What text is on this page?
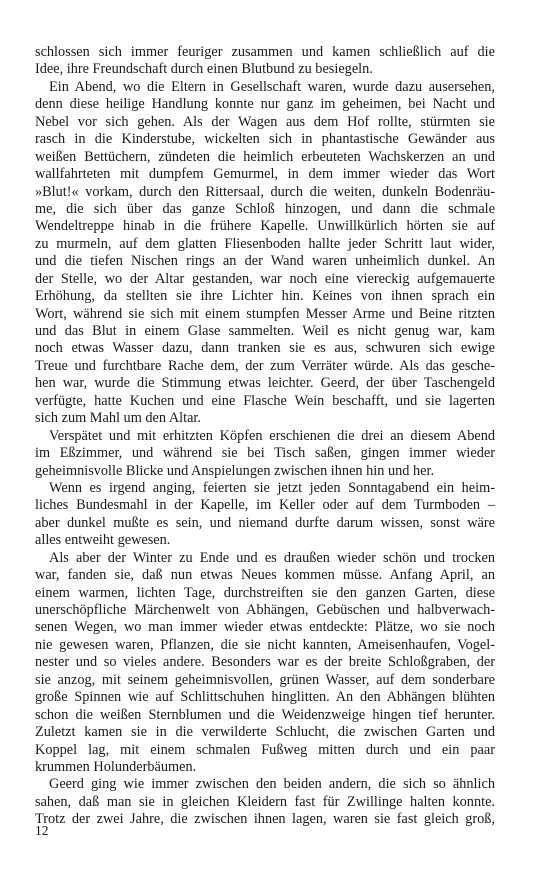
schlossen sich immer feuriger zusammen und kamen schließlich auf die
Idee, ihre Freundschaft durch einen Blutbund zu besiegeln.
Ein Abend, wo die Eltern in Gesellschaft waren, wurde dazu ausersehen,
denn diese heilige Handlung konnte nur ganz im geheimen, bei Nacht und
Nebel vor sich gehen. Als der Wagen aus dem Hof rollte, stürmten sie
rasch in die Kinderstube, wickelten sich in phantastische Gewänder aus
weißen Bettüchern, zündeten die heimlich erbeuteten Wachskerzen an und
wallfahrteten mit dumpfem Gemurmel, in dem immer wieder das Wort
»Blut!« vorkam, durch den Rittersaal, durch die weiten, dunkeln Bodenräu-
me, die sich über das ganze Schloß hinzogen, und dann die schmale
Wendeltreppe hinab in die frühere Kapelle. Unwillkürlich hörten sie auf
zu murmeln, auf dem glatten Fliesenboden hallte jeder Schritt laut wider,
und die tiefen Nischen rings an der Wand waren unheimlich dunkel. An
der Stelle, wo der Altar gestanden, war noch eine viereckig aufgemauerte
Erhöhung, da stellten sie ihre Lichter hin. Keines von ihnen sprach ein
Wort, während sie sich mit einem stumpfen Messer Arme und Beine ritzten
und das Blut in einem Glase sammelten. Weil es nicht genug war, kam
noch etwas Wasser dazu, dann tranken sie es aus, schwuren sich ewige
Treue und furchtbare Rache dem, der zum Verräter würde. Als das gesche-
hen war, wurde die Stimmung etwas leichter. Geerd, der über Taschengeld
verfügte, hatte Kuchen und eine Flasche Wein beschafft, und sie lagerten
sich zum Mahl um den Altar.
Verspätet und mit erhitzten Köpfen erschienen die drei an diesem Abend
im Eßzimmer, und während sie bei Tisch saßen, gingen immer wieder
geheimnisvolle Blicke und Anspielungen zwischen ihnen hin und her.
Wenn es irgend anging, feierten sie jetzt jeden Sonntagabend ein heim-
liches Bundesmahl in der Kapelle, im Keller oder auf dem Turmboden –
aber dunkel mußte es sein, und niemand durfte darum wissen, sonst wäre
alles entweiht gewesen.
Als aber der Winter zu Ende und es draußen wieder schön und trocken
war, fanden sie, daß nun etwas Neues kommen müsse. Anfang April, an
einem warmen, lichten Tage, durchstreiften sie den ganzen Garten, diese
unerschöpfliche Märchenwelt von Abhängen, Gebüschen und halbverwach-
senen Wegen, wo man immer wieder etwas entdeckte: Plätze, wo sie noch
nie gewesen waren, Pflanzen, die sie nicht kannten, Ameisenhaufen, Vogel-
nester und so vieles andere. Besonders war es der breite Schloßgraben, der
sie anzog, mit seinem geheimnisvollen, grünen Wasser, auf dem sonderbare
große Spinnen wie auf Schlittschuhen hinglitten. An den Abhängen blühten
schon die weißen Sternblumen und die Weidenzweige hingen tief herunter.
Zuletzt kamen sie in die verwilderte Schlucht, die zwischen Garten und
Koppel lag, mit einem schmalen Fußweg mitten durch und ein paar
krummen Holunderbäumen.
Geerd ging wie immer zwischen den beiden andern, die sich so ähnlich
sahen, daß man sie in gleichen Kleidern fast für Zwillinge halten konnte.
Trotz der zwei Jahre, die zwischen ihnen lagen, waren sie fast gleich groß,
12
